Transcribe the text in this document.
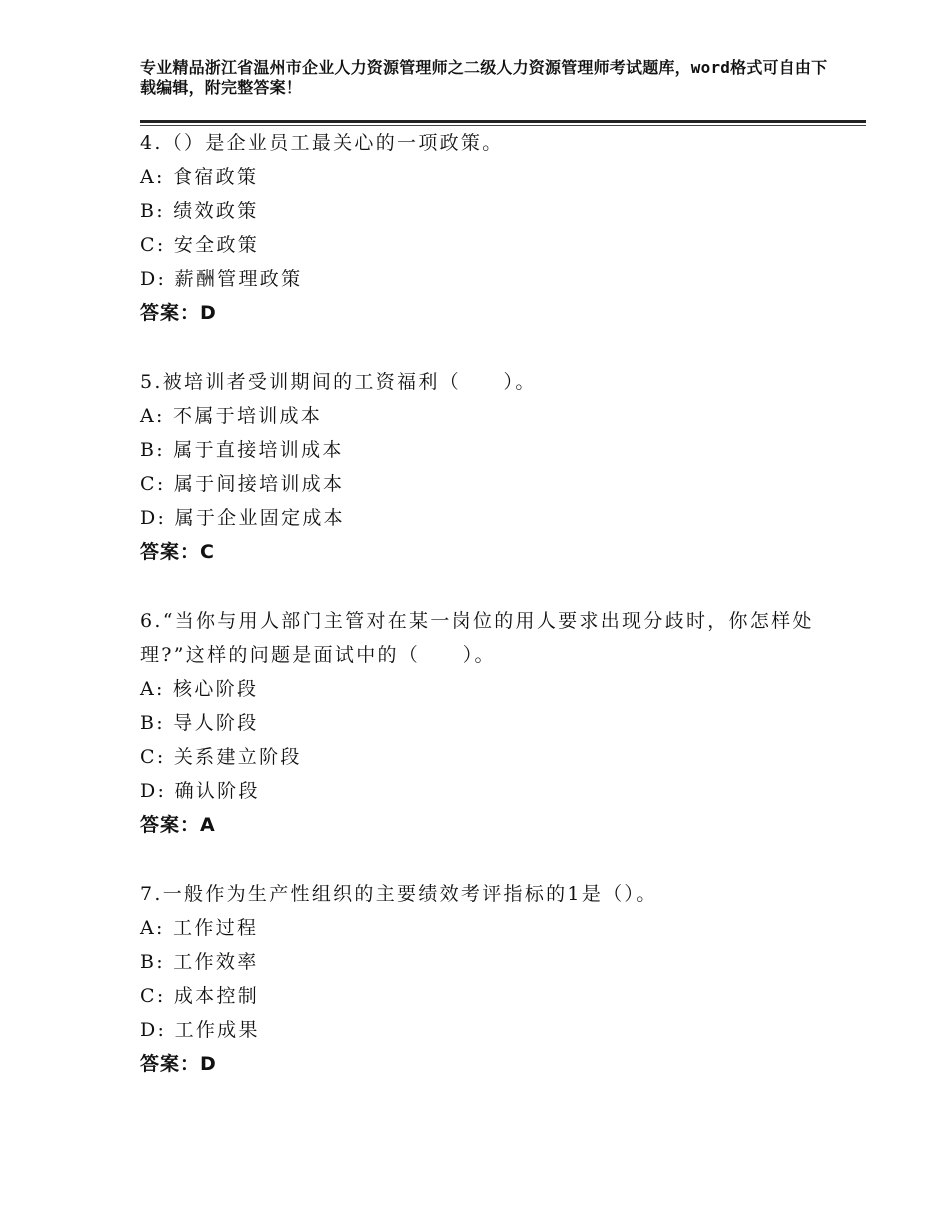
专业精品浙江省温州市企业人力资源管理师之二级人力资源管理师考试题库，word格式可自由下载编辑，附完整答案！
4.（）是企业员工最关心的一项政策。
A: 食宿政策
B: 绩效政策
C: 安全政策
D: 薪酬管理政策
答案：D
5.被培训者受训期间的工资福利（　　）。
A: 不属于培训成本
B: 属于直接培训成本
C: 属于间接培训成本
D: 属于企业固定成本
答案：C
6.“当你与用人部门主管对在某一岗位的用人要求出现分歧时，你怎样处理?”这样的问题是面试中的（　　）。
A: 核心阶段
B: 导人阶段
C: 关系建立阶段
D: 确认阶段
答案：A
7.一般作为生产性组织的主要绩效考评指标的1是（）。
A: 工作过程
B: 工作效率
C: 成本控制
D: 工作成果
答案：D
